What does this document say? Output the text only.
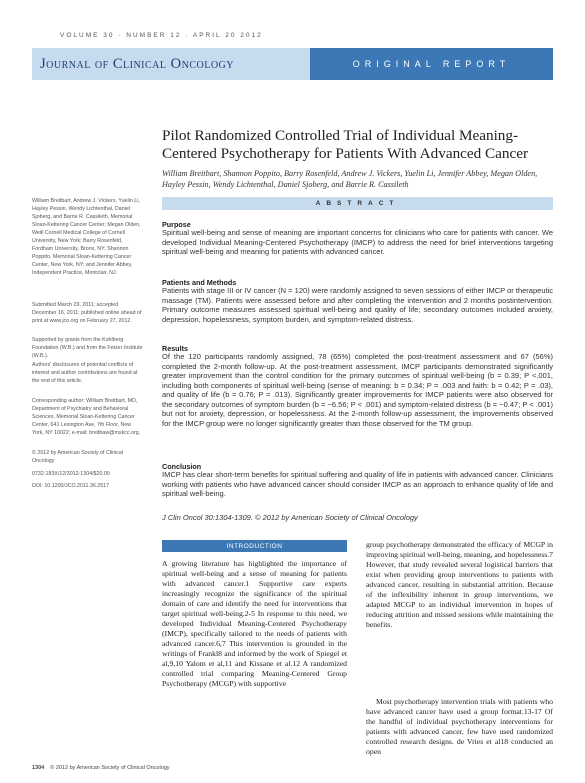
VOLUME 30 · NUMBER 12 · APRIL 20 2012
Journal of Clinical Oncology	ORIGINAL REPORT
Pilot Randomized Controlled Trial of Individual Meaning-Centered Psychotherapy for Patients With Advanced Cancer
William Breitbart, Shannon Poppito, Barry Rosenfeld, Andrew J. Vickers, Yuelin Li, Jennifer Abbey, Megan Olden, Hayley Pessin, Wendy Lichtenthal, Daniel Sjoberg, and Barrie R. Cassileth
William Breitbart, Andrew J. Vickers, Yuelin Li, Hayley Pessin, Wendy Lichtenthal, Daniel Sjoberg, and Barrie R. Cassileth, Memorial Sloan-Kettering Cancer Center; Megan Olden, Weill Cornell Medical College of Cornell University, New York; Barry Rosenfeld, Fordham University, Bronx, NY; Shannon Poppito, Memorial Sloan-Kettering Cancer Center, New York, NY; and Jennifer Abbey, Independent Practice, Montclair, NJ.
Submitted March 29, 2011; accepted December 16, 2011; published online ahead of print at www.jco.org on February 27, 2012.
Supported by grants from the Kohlberg Foundation (W.B.) and from the Fetzer Institute (W.B.).
Authors' disclosures of potential conflicts of interest and author contributions are found at the end of this article.
Corresponding author: William Breitbart, MD, Department of Psychiatry and Behavioral Sciences, Memorial Sloan-Kettering Cancer Center, 641 Lexington Ave, 7th Floor, New York, NY 10022; e-mail: breitbaw@mskcc.org.
© 2012 by American Society of Clinical Oncology
0732-183X/12/3012-1304/$20.00
DOI: 10.1200/JCO.2011.36.2517
ABSTRACT
Purpose
Spiritual well-being and sense of meaning are important concerns for clinicians who care for patients with cancer. We developed Individual Meaning-Centered Psychotherapy (IMCP) to address the need for brief interventions targeting spiritual well-being and meaning for patients with advanced cancer.
Patients and Methods
Patients with stage III or IV cancer (N = 120) were randomly assigned to seven sessions of either IMCP or therapeutic massage (TM). Patients were assessed before and after completing the intervention and 2 months postintervention. Primary outcome measures assessed spiritual well-being and quality of life; secondary outcomes included anxiety, depression, hopelessness, symptom burden, and symptom-related distress.
Results
Of the 120 participants randomly assigned, 78 (65%) completed the post-treatment assessment and 67 (56%) completed the 2-month follow-up. At the post-treatment assessment, IMCP participants demonstrated significantly greater improvement than the control condition for the primary outcomes of spiritual well-being (b = 0.39; P <.001, including both components of spiritual well-being (sense of meaning: b = 0.34; P = .003 and faith: b = 0.42; P = .03), and quality of life (b = 0.76; P = .013). Significantly greater improvements for IMCP patients were also observed for the secondary outcomes of symptom burden (b = −6.56; P < .001) and symptom-related distress (b = −0.47; P < .001) but not for anxiety, depression, or hopelessness. At the 2-month follow-up assessment, the improvements observed for the IMCP group were no longer significantly greater than those observed for the TM group.
Conclusion
IMCP has clear short-term benefits for spiritual suffering and quality of life in patients with advanced cancer. Clinicians working with patients who have advanced cancer should consider IMCP as an approach to enhance quality of life and spiritual well-being.
J Clin Oncol 30:1304-1309. © 2012 by American Society of Clinical Oncology
INTRODUCTION
A growing literature has highlighted the importance of spiritual well-being and a sense of meaning for patients with advanced cancer.1 Supportive care experts increasingly recognize the significance of the spiritual domain of care and identify the need for interventions that target spiritual well-being.2-5 In response to this need, we developed Individual Meaning-Centered Psychotherapy (IMCP), specifically tailored to the needs of patients with advanced cancer.6,7 This intervention is grounded in the writings of Frankl8 and informed by the work of Spiegel et al,9,10 Yalom et al,11 and Kissane et al.12 A randomized controlled trial comparing Meaning-Centered Group Psychotherapy (MCGP) with supportive
group psychotherapy demonstrated the efficacy of MCGP in improving spiritual well-being, meaning, and hopelessness.7 However, that study revealed several logistical barriers that exist when providing group interventions to patients with advanced cancer, resulting in substantial attrition. Because of the inflexibility inherent in group interventions, we adapted MCGP to an individual intervention in hopes of reducing attrition and missed sessions while maintaining the benefits.
Most psychotherapy intervention trials with patients who have advanced cancer have used a group format.13-17 Of the handful of individual psychotherapy interventions for patients with advanced cancer, few have used randomized controlled research designs. de Vries et al18 conducted an open
1304 © 2012 by American Society of Clinical Oncology
